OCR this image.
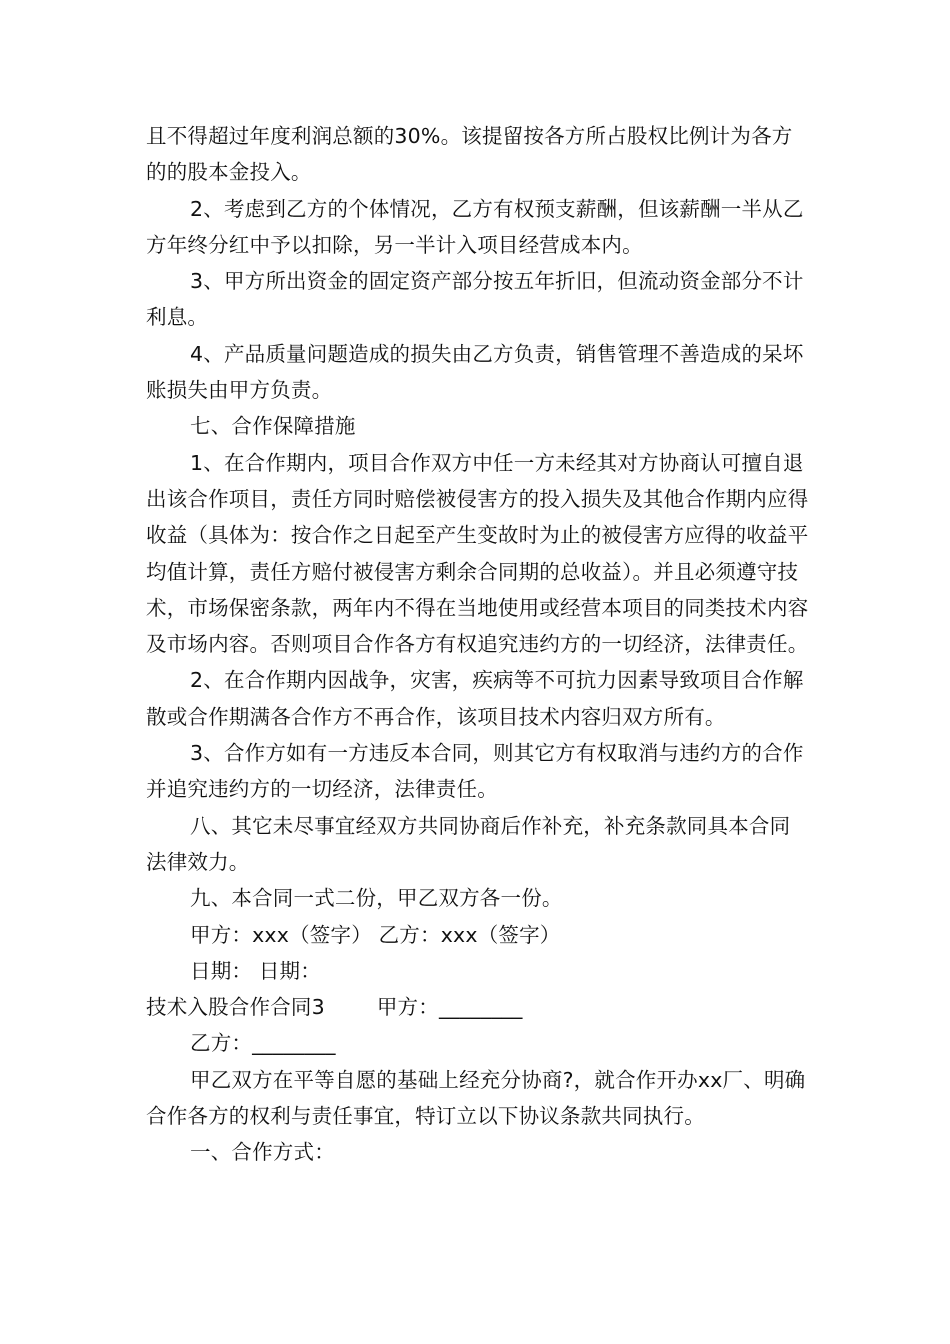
且不得超过年度利润总额的30%。该提留按各方所占股权比例计为各方的的股本金投入。

2、考虑到乙方的个体情况，乙方有权预支薪酬，但该薪酬一半从乙方年终分红中予以扣除，另一半计入项目经营成本内。

3、甲方所出资金的固定资产部分按五年折旧，但流动资金部分不计利息。

4、产品质量问题造成的损失由乙方负责，销售管理不善造成的呆坏账损失由甲方负责。

七、合作保障措施

1、在合作期内，项目合作双方中任一方未经其对方协商认可擅自退出该合作项目，责任方同时赔偿被侵害方的投入损失及其他合作期内应得收益（具体为：按合作之日起至产生变故时为止的被侵害方应得的收益平均值计算，责任方赔付被侵害方剩余合同期的总收益）。并且必须遵守技术，市场保密条款，两年内不得在当地使用或经营本项目的同类技术内容及市场内容。否则项目合作各方有权追究违约方的一切经济，法律责任。

2、在合作期内因战争，灾害，疾病等不可抗力因素导致项目合作解散或合作期满各合作方不再合作，该项目技术内容归双方所有。

3、合作方如有一方违反本合同，则其它方有权取消与违约方的合作并追究违约方的一切经济，法律责任。

八、其它未尽事宜经双方共同协商后作补充，补充条款同具本合同法律效力。

九、本合同一式二份，甲乙双方各一份。

甲方：xxx（签字） 乙方：xxx（签字）

日期： 日期：

技术入股合作合同3	甲方：________

乙方：________

甲乙双方在平等自愿的基础上经充分协商?，就合作开办xx厂、明确合作各方的权利与责任事宜，特订立以下协议条款共同执行。

一、合作方式：
